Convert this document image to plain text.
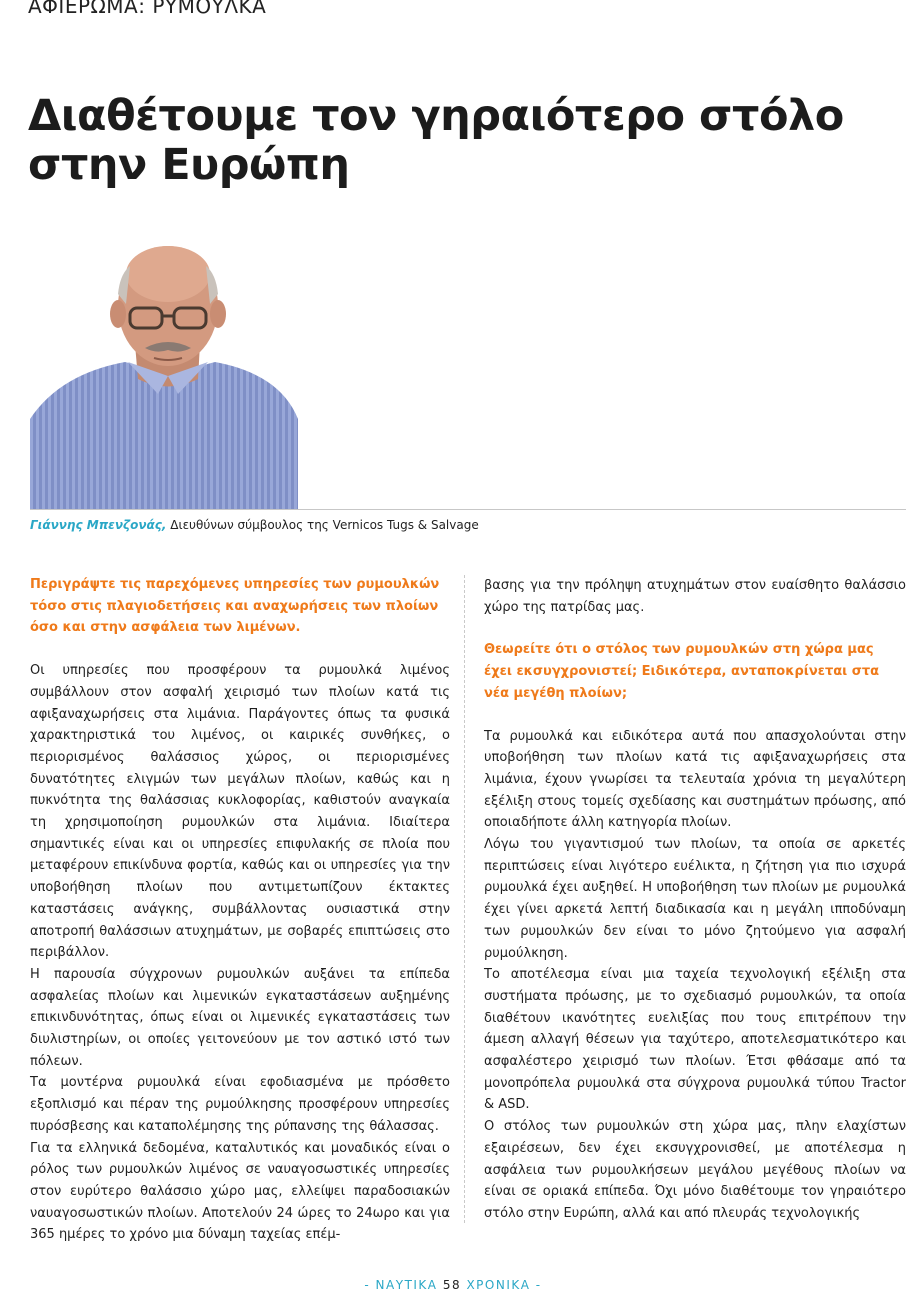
ΑΦΙΕΡΩΜΑ: ΡΥΜΟΥΛΚΑ
Διαθέτουμε τον γηραιότερο στόλο στην Ευρώπη
Γιάννης Μπενζονάς, Διευθύνων σύμβουλος της Vernicos Tugs & Salvage

Περιγράψτε τις παρεχόμενες υπηρεσίες των ρυμουλκών τόσο στις πλαγιοδετήσεις και αναχωρήσεις των πλοίων όσο και στην ασφάλεια των λιμένων.

Οι υπηρεσίες που προσφέρουν τα ρυμουλκά λιμένος συμβάλλουν στον ασφαλή χειρισμό των πλοίων κατά τις αφιξαναχωρήσεις στα λιμάνια. Παράγοντες όπως τα φυσικά χαρακτηριστικά του λιμένος, οι καιρικές συνθήκες, ο περιορισμένος θαλάσσιος χώρος, οι περιορισμένες δυνατότητες ελιγμών των μεγάλων πλοίων, καθώς και η πυκνότητα της θαλάσσιας κυκλοφορίας, καθιστούν αναγκαία τη χρησιμοποίηση ρυμουλκών στα λιμάνια. Ιδιαίτερα σημαντικές είναι και οι υπηρεσίες επιφυλακής σε πλοία που μεταφέρουν επικίνδυνα φορτία, καθώς και οι υπηρεσίες για την υποβοήθηση πλοίων που αντιμετωπίζουν έκτακτες καταστάσεις ανάγκης, συμβάλλοντας ουσιαστικά στην αποτροπή θαλάσσιων ατυχημάτων, με σοβαρές επιπτώσεις στο περιβάλλον.

Η παρουσία σύγχρονων ρυμουλκών αυξάνει τα επίπεδα ασφαλείας πλοίων και λιμενικών εγκαταστάσεων αυξημένης επικινδυνότητας, όπως είναι οι λιμενικές εγκαταστάσεις των διυλιστηρίων, οι οποίες γειτονεύουν με τον αστικό ιστό των πόλεων.

Τα μοντέρνα ρυμουλκά είναι εφοδιασμένα με πρόσθετο εξοπλισμό και πέραν της ρυμούλκησης προσφέρουν υπηρεσίες πυρόσβεσης και καταπολέμησης της ρύπανσης της θάλασσας.

Για τα ελληνικά δεδομένα, καταλυτικός και μοναδικός είναι ο ρόλος των ρυμουλκών λιμένος σε ναυαγοσωστικές υπηρεσίες στον ευρύτερο θαλάσσιο χώρο μας, ελλείψει παραδοσιακών ναυαγοσωστικών πλοίων. Αποτελούν 24 ώρες το 24ωρο και για 365 ημέρες το χρόνο μια δύναμη ταχείας επέμ-

βασης για την πρόληψη ατυχημάτων στον ευαίσθητο θαλάσσιο χώρο της πατρίδας μας.

Θεωρείτε ότι ο στόλος των ρυμουλκών στη χώρα μας έχει εκσυγχρονιστεί; Ειδικότερα, ανταποκρίνεται στα νέα μεγέθη πλοίων;

Τα ρυμουλκά και ειδικότερα αυτά που απασχολούνται στην υποβοήθηση των πλοίων κατά τις αφιξαναχωρήσεις στα λιμάνια, έχουν γνωρίσει τα τελευταία χρόνια τη μεγαλύτερη εξέλιξη στους τομείς σχεδίασης και συστημάτων πρόωσης, από οποιαδήποτε άλλη κατηγορία πλοίων.

Λόγω του γιγαντισμού των πλοίων, τα οποία σε αρκετές περιπτώσεις είναι λιγότερο ευέλικτα, η ζήτηση για πιο ισχυρά ρυμουλκά έχει αυξηθεί. Η υποβοήθηση των πλοίων με ρυμουλκά έχει γίνει αρκετά λεπτή διαδικασία και η μεγάλη ιπποδύναμη των ρυμουλκών δεν είναι το μόνο ζητούμενο για ασφαλή ρυμούλκηση.

Το αποτέλεσμα είναι μια ταχεία τεχνολογική εξέλιξη στα συστήματα πρόωσης, με το σχεδιασμό ρυμουλκών, τα οποία διαθέτουν ικανότητες ευελιξίας που τους επιτρέπουν την άμεση αλλαγή θέσεων για ταχύτερο, αποτελεσματικότερο και ασφαλέστερο χειρισμό των πλοίων. Έτσι φθάσαμε από τα μονοπρόπελα ρυμουλκά στα σύγχρονα ρυμουλκά τύπου Tractor & ASD.

Ο στόλος των ρυμουλκών στη χώρα μας, πλην ελαχίστων εξαιρέσεων, δεν έχει εκσυγχρονισθεί, με αποτέλεσμα η ασφάλεια των ρυμουλκήσεων μεγάλου μεγέθους πλοίων να είναι σε οριακά επίπεδα. Όχι μόνο διαθέτουμε τον γηραιότερο στόλο στην Ευρώπη, αλλά και από πλευράς τεχνολογικής

- ΝΑΥΤΙΚΑ 58 ΧΡΟΝΙΚΑ -
